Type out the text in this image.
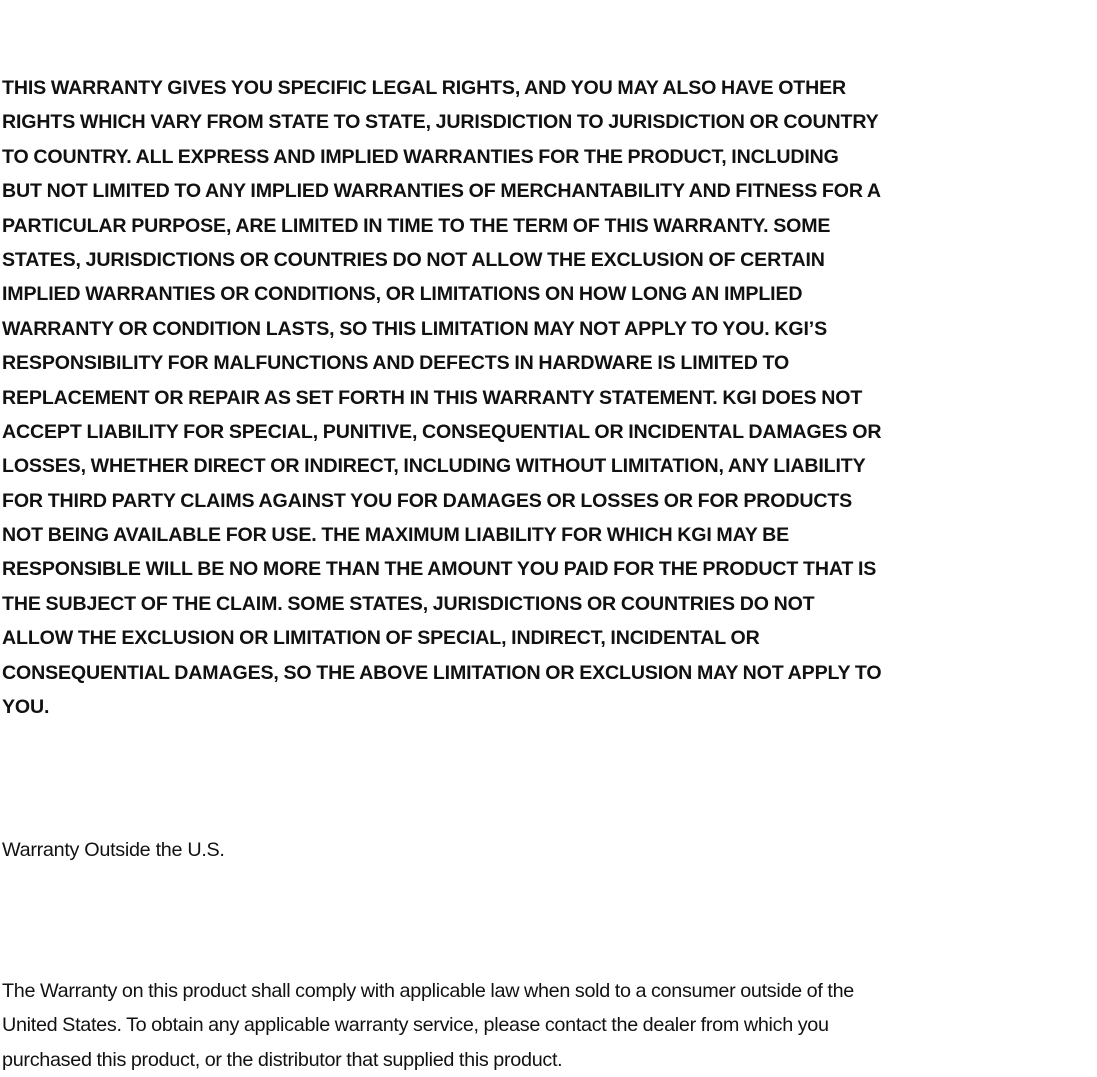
THIS WARRANTY GIVES YOU SPECIFIC LEGAL RIGHTS, AND YOU MAY ALSO HAVE OTHER
RIGHTS WHICH VARY FROM STATE TO STATE, JURISDICTION TO JURISDICTION OR COUNTRY
TO COUNTRY. ALL EXPRESS AND IMPLIED WARRANTIES FOR THE PRODUCT, INCLUDING
BUT NOT LIMITED TO ANY IMPLIED WARRANTIES OF MERCHANTABILITY AND FITNESS FOR A
PARTICULAR PURPOSE, ARE LIMITED IN TIME TO THE TERM OF THIS WARRANTY. SOME
STATES, JURISDICTIONS OR COUNTRIES DO NOT ALLOW THE EXCLUSION OF CERTAIN
IMPLIED WARRANTIES OR CONDITIONS, OR LIMITATIONS ON HOW LONG AN IMPLIED
WARRANTY OR CONDITION LASTS, SO THIS LIMITATION MAY NOT APPLY TO YOU. KGI’S
RESPONSIBILITY FOR MALFUNCTIONS AND DEFECTS IN HARDWARE IS LIMITED TO
REPLACEMENT OR REPAIR AS SET FORTH IN THIS WARRANTY STATEMENT. KGI DOES NOT
ACCEPT LIABILITY FOR SPECIAL, PUNITIVE, CONSEQUENTIAL OR INCIDENTAL DAMAGES OR
LOSSES, WHETHER DIRECT OR INDIRECT, INCLUDING WITHOUT LIMITATION, ANY LIABILITY
FOR THIRD PARTY CLAIMS AGAINST YOU FOR DAMAGES OR LOSSES OR FOR PRODUCTS
NOT BEING AVAILABLE FOR USE. THE MAXIMUM LIABILITY FOR WHICH KGI MAY BE
RESPONSIBLE WILL BE NO MORE THAN THE AMOUNT YOU PAID FOR THE PRODUCT THAT IS
THE SUBJECT OF THE CLAIM. SOME STATES, JURISDICTIONS OR COUNTRIES DO NOT
ALLOW THE EXCLUSION OR LIMITATION OF SPECIAL, INDIRECT, INCIDENTAL OR
CONSEQUENTIAL DAMAGES, SO THE ABOVE LIMITATION OR EXCLUSION MAY NOT APPLY TO
YOU.
Warranty Outside the U.S.
The Warranty on this product shall comply with applicable law when sold to a consumer outside of the
United States. To obtain any applicable warranty service, please contact the dealer from which you
purchased this product, or the distributor that supplied this product.
